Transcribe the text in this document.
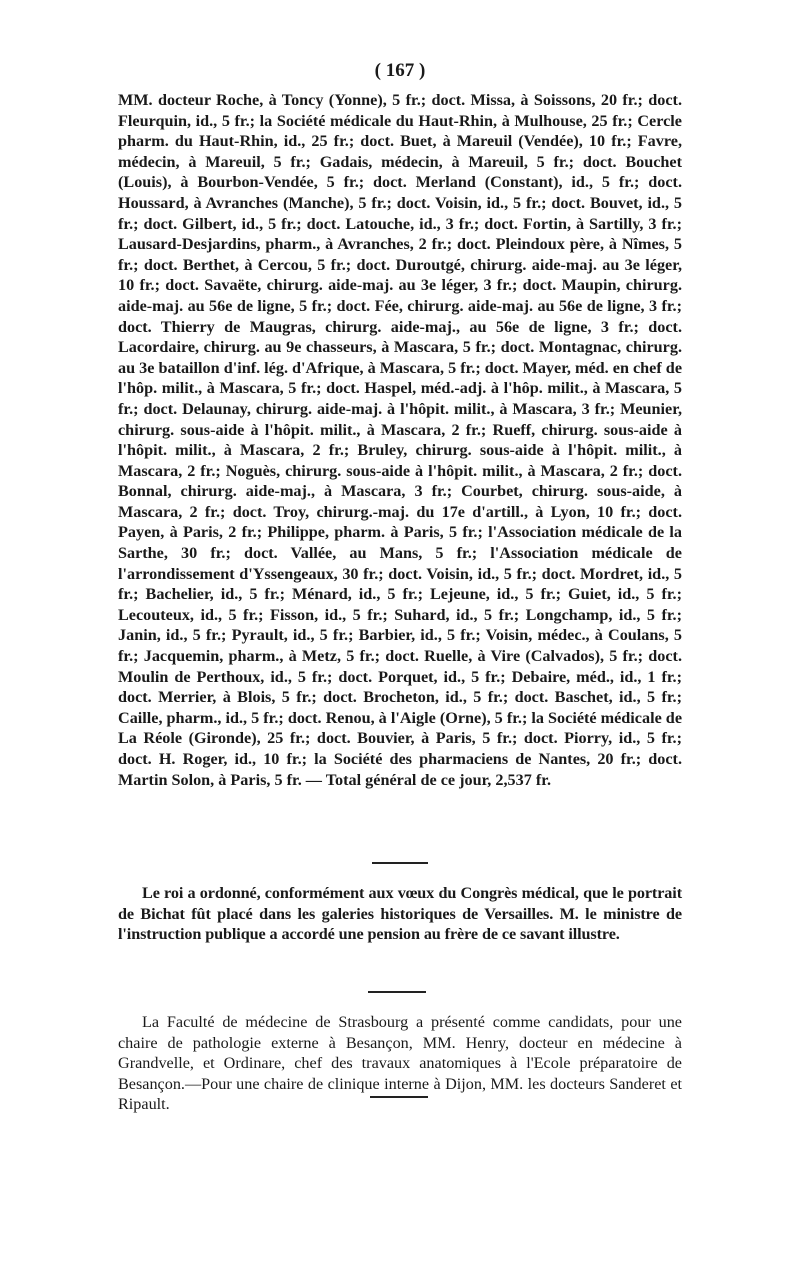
( 167 )
MM. docteur Roche, à Toncy (Yonne), 5 fr.; doct. Missa, à Soissons, 20 fr.; doct. Fleurquin, id., 5 fr.; la Société médicale du Haut-Rhin, à Mulhouse, 25 fr.; Cercle pharm. du Haut-Rhin, id., 25 fr.; doct. Buet, à Mareuil (Vendée), 10 fr.; Favre, médecin, à Mareuil, 5 fr.; Gadais, médecin, à Mareuil, 5 fr.; doct. Bouchet (Louis), à Bourbon-Vendée, 5 fr.; doct. Merland (Constant), id., 5 fr.; doct. Houssard, à Avranches (Manche), 5 fr.; doct. Voisin, id., 5 fr.; doct. Bouvet, id., 5 fr.; doct. Gilbert, id., 5 fr.; doct. Latouche, id., 3 fr.; doct. Fortin, à Sartilly, 3 fr.; Lausard-Desjardins, pharm., à Avranches, 2 fr.; doct. Pleindoux père, à Nîmes, 5 fr.; doct. Berthet, à Cercou, 5 fr.; doct. Duroutgé, chirurg. aide-maj. au 3e léger, 10 fr.; doct. Savaëte, chirurg. aide-maj. au 3e léger, 3 fr.; doct. Maupin, chirurg. aide-maj. au 56e de ligne, 5 fr.; doct. Fée, chirurg. aide-maj. au 56e de ligne, 3 fr.; doct. Thierry de Maugras, chirurg. aide-maj., au 56e de ligne, 3 fr.; doct. Lacordaire, chirurg. au 9e chasseurs, à Mascara, 5 fr.; doct. Montagnac, chirurg. au 3e bataillon d'inf. lég. d'Afrique, à Mascara, 5 fr.; doct. Mayer, méd. en chef de l'hôp. milit., à Mascara, 5 fr.; doct. Haspel, méd.-adj. à l'hôp. milit., à Mascara, 5 fr.; doct. Delaunay, chirurg. aide-maj. à l'hôpit. milit., à Mascara, 3 fr.; Meunier, chirurg. sous-aide à l'hôpit. milit., à Mascara, 2 fr.; Rueff, chirurg. sous-aide à l'hôpit. milit., à Mascara, 2 fr.; Bruley, chirurg. sous-aide à l'hôpit. milit., à Mascara, 2 fr.; Noguès, chirurg. sous-aide à l'hôpit. milit., à Mascara, 2 fr.; doct. Bonnal, chirurg. aide-maj., à Mascara, 3 fr.; Courbet, chirurg. sous-aide, à Mascara, 2 fr.; doct. Troy, chirurg.-maj. du 17e d'artill., à Lyon, 10 fr.; doct. Payen, à Paris, 2 fr.; Philippe, pharm. à Paris, 5 fr.; l'Association médicale de la Sarthe, 30 fr.; doct. Vallée, au Mans, 5 fr.; l'Association médicale de l'arrondissement d'Yssengeaux, 30 fr.; doct. Voisin, id., 5 fr.; doct. Mordret, id., 5 fr.; Bachelier, id., 5 fr.; Ménard, id., 5 fr.; Lejeune, id., 5 fr.; Guiet, id., 5 fr.; Lecouteux, id., 5 fr.; Fisson, id., 5 fr.; Suhard, id., 5 fr.; Longchamp, id., 5 fr.; Janin, id., 5 fr.; Pyrault, id., 5 fr.; Barbier, id., 5 fr.; Voisin, médec., à Coulans, 5 fr.; Jacquemin, pharm., à Metz, 5 fr.; doct. Ruelle, à Vire (Calvados), 5 fr.; doct. Moulin de Perthoux, id., 5 fr.; doct. Porquet, id., 5 fr.; Debaire, méd., id., 1 fr.; doct. Merrier, à Blois, 5 fr.; doct. Brocheton, id., 5 fr.; doct. Baschet, id., 5 fr.; Caille, pharm., id., 5 fr.; doct. Renou, à l'Aigle (Orne), 5 fr.; la Société médicale de La Réole (Gironde), 25 fr.; doct. Bouvier, à Paris, 5 fr.; doct. Piorry, id., 5 fr.; doct. H. Roger, id., 10 fr.; la Société des pharmaciens de Nantes, 20 fr.; doct. Martin Solon, à Paris, 5 fr. — Total général de ce jour, 2,537 fr.
Le roi a ordonné, conformément aux vœux du Congrès médical, que le portrait de Bichat fût placé dans les galeries historiques de Versailles. M. le ministre de l'instruction publique a accordé une pension au frère de ce savant illustre.
La Faculté de médecine de Strasbourg a présenté comme candidats, pour une chaire de pathologie externe à Besançon, MM. Henry, docteur en médecine à Grandvelle, et Ordinare, chef des travaux anatomiques à l'Ecole préparatoire de Besançon.—Pour une chaire de clinique interne à Dijon, MM. les docteurs Sanderet et Ripault.
